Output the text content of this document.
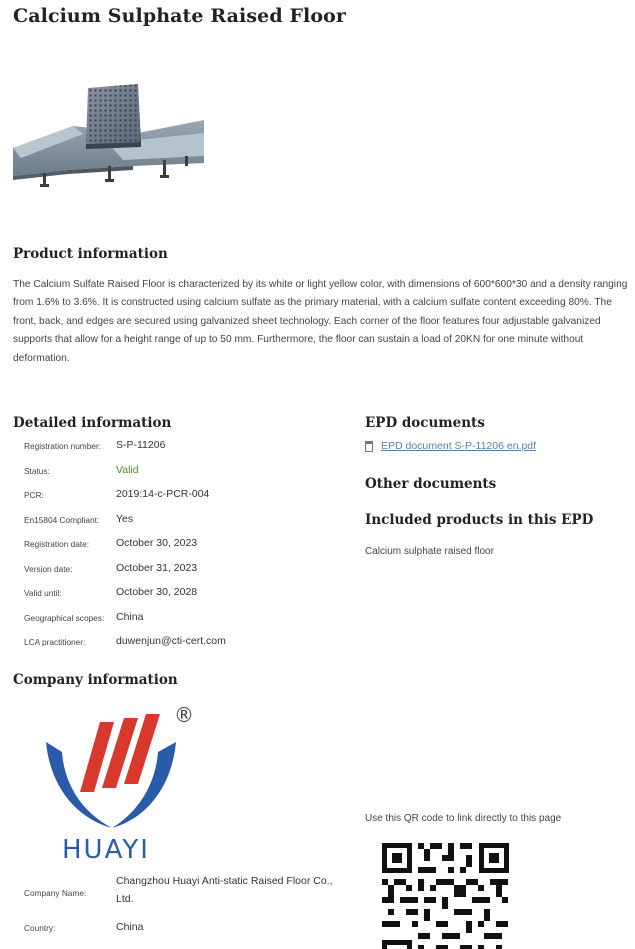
Calcium Sulphate Raised Floor
Product information

The Calcium Sulfate Raised Floor is characterized by its white or light yellow color, with dimensions of 600*600*30 and a density ranging from 1.6% to 3.6%. It is constructed using calcium sulfate as the primary material, with a calcium sulfate content exceeding 80%. The front, back, and edges are secured using galvanized sheet technology. Each corner of the floor features four adjustable galvanized supports that allow for a height range of up to 50 mm. Furthermore, the floor can sustain a load of 20KN for one minute without deformation.

Detailed information
Registration number: S-P-11206
Status:	Valid
PCR:	2019:14-c-PCR-004
En15804 Compliant: Yes
Registration date:	October 30, 2023
Version date:	October 31, 2023
Valid until:	October 30, 2028
Geographical scopes: China
LCA practitioner:	duwenjun@cti-cert.com
EPD documents
EPD document S-P-11206 en.pdf
Other documents
Included products in this EPD
Calcium sulphate raised floor
Company information
®
HUAYI
Company Name:
Changzhou Huayi Anti-static Raised Floor Co., Ltd.
Country:	China
Use this QR code to link directly to this page
